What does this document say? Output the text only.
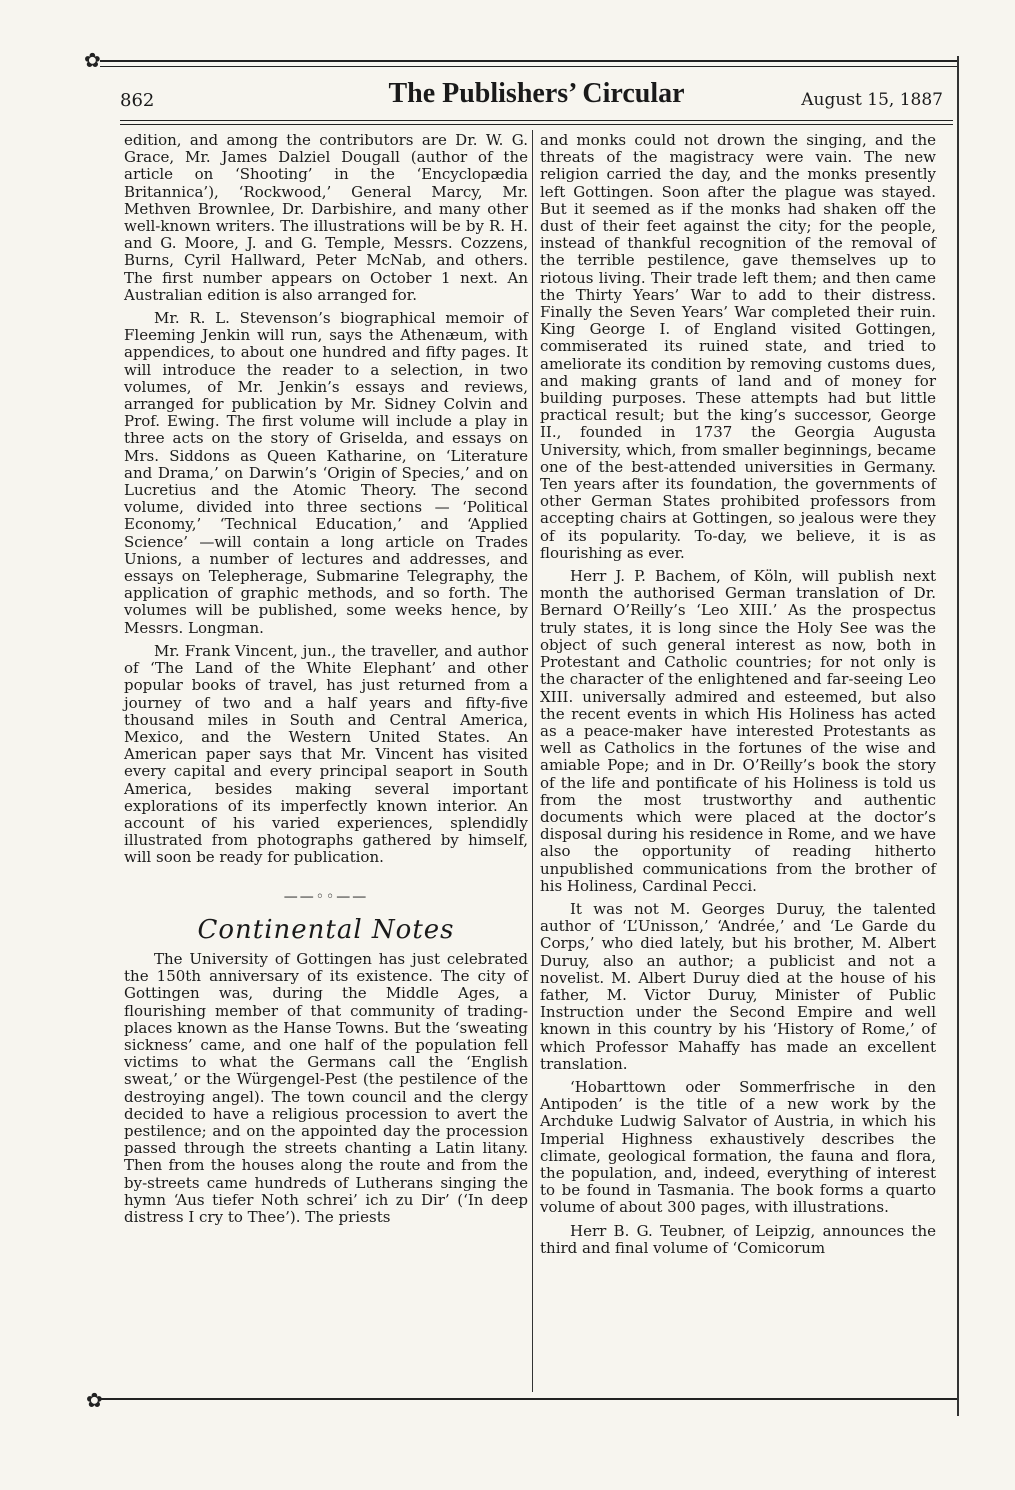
✿
862	The Publishers’ Circular	August 15, 1887

edition, and among the contributors are Dr. W. G. Grace, Mr. James Dalziel Dougall (author of the article on ‘Shooting’ in the ‘Encyclopædia Britannica’), ‘Rockwood,’ General Marcy, Mr. Methven Brownlee, Dr. Darbishire, and many other well-known writers. The illustrations will be by R. H. and G. Moore, J. and G. Temple, Messrs. Cozzens, Burns, Cyril Hallward, Peter McNab, and others. The first number appears on October 1 next. An Australian edition is also arranged for.

Mr. R. L. Stevenson’s biographical memoir of Fleeming Jenkin will run, says the Athenæum, with appendices, to about one hundred and fifty pages. It will introduce the reader to a selection, in two volumes, of Mr. Jenkin’s essays and reviews, arranged for publication by Mr. Sidney Colvin and Prof. Ewing. The first volume will include a play in three acts on the story of Griselda, and essays on Mrs. Siddons as Queen Katharine, on ‘Literature and Drama,’ on Darwin’s ‘Origin of Species,’ and on Lucretius and the Atomic Theory. The second volume, divided into three sections — ‘Political Economy,’ ‘Technical Education,’ and ‘Applied Science’ —will contain a long article on Trades Unions, a number of lectures and addresses, and essays on Telepherage, Submarine Telegraphy, the application of graphic methods, and so forth. The volumes will be published, some weeks hence, by Messrs. Longman.

Mr. Frank Vincent, jun., the traveller, and author of ‘The Land of the White Elephant’ and other popular books of travel, has just returned from a journey of two and a half years and fifty-five thousand miles in South and Central America, Mexico, and the Western United States. An American paper says that Mr. Vincent has visited every capital and every principal seaport in South America, besides making several important explorations of its imperfectly known interior. An account of his varied experiences, splendidly illustrated from photographs gathered by himself, will soon be ready for publication.

——◦◦——
Continental Notes

The University of Gottingen has just celebrated the 150th anniversary of its existence. The city of Gottingen was, during the Middle Ages, a flourishing member of that community of trading-places known as the Hanse Towns. But the ‘sweating sickness’ came, and one half of the population fell victims to what the Germans call the ‘English sweat,’ or the Würgengel-Pest (the pestilence of the destroying angel). The town council and the clergy decided to have a religious procession to avert the pestilence; and on the appointed day the procession passed through the streets chanting a Latin litany. Then from the houses along the route and from the by-streets came hundreds of Lutherans singing the hymn ‘Aus tiefer Noth schrei’ ich zu Dir’ (‘In deep distress I cry to Thee’). The priests

and monks could not drown the singing, and the threats of the magistracy were vain. The new religion carried the day, and the monks presently left Gottingen. Soon after the plague was stayed. But it seemed as if the monks had shaken off the dust of their feet against the city; for the people, instead of thankful recognition of the removal of the terrible pestilence, gave themselves up to riotous living. Their trade left them; and then came the Thirty Years’ War to add to their distress. Finally the Seven Years’ War completed their ruin. King George I. of England visited Gottingen, commiserated its ruined state, and tried to ameliorate its condition by removing customs dues, and making grants of land and of money for building purposes. These attempts had but little practical result; but the king’s successor, George II., founded in 1737 the Georgia Augusta University, which, from smaller beginnings, became one of the best-attended universities in Germany. Ten years after its foundation, the governments of other German States prohibited professors from accepting chairs at Gottingen, so jealous were they of its popularity. To-day, we believe, it is as flourishing as ever.

Herr J. P. Bachem, of Köln, will publish next month the authorised German translation of Dr. Bernard O’Reilly’s ‘Leo XIII.’ As the prospectus truly states, it is long since the Holy See was the object of such general interest as now, both in Protestant and Catholic countries; for not only is the character of the enlightened and far-seeing Leo XIII. universally admired and esteemed, but also the recent events in which His Holiness has acted as a peace-maker have interested Protestants as well as Catholics in the fortunes of the wise and amiable Pope; and in Dr. O’Reilly’s book the story of the life and pontificate of his Holiness is told us from the most trustworthy and authentic documents which were placed at the doctor’s disposal during his residence in Rome, and we have also the opportunity of reading hitherto unpublished communications from the brother of his Holiness, Cardinal Pecci.

It was not M. Georges Duruy, the talented author of ‘L’Unisson,’ ‘Andrée,’ and ‘Le Garde du Corps,’ who died lately, but his brother, M. Albert Duruy, also an author; a publicist and not a novelist. M. Albert Duruy died at the house of his father, M. Victor Duruy, Minister of Public Instruction under the Second Empire and well known in this country by his ‘History of Rome,’ of which Professor Mahaffy has made an excellent translation.

‘Hobarttown oder Sommerfrische in den Antipoden’ is the title of a new work by the Archduke Ludwig Salvator of Austria, in which his Imperial Highness exhaustively describes the climate, geological formation, the fauna and flora, the population, and, indeed, everything of interest to be found in Tasmania. The book forms a quarto volume of about 300 pages, with illustrations.

Herr B. G. Teubner, of Leipzig, announces the third and final volume of ‘Comicorum

✿
